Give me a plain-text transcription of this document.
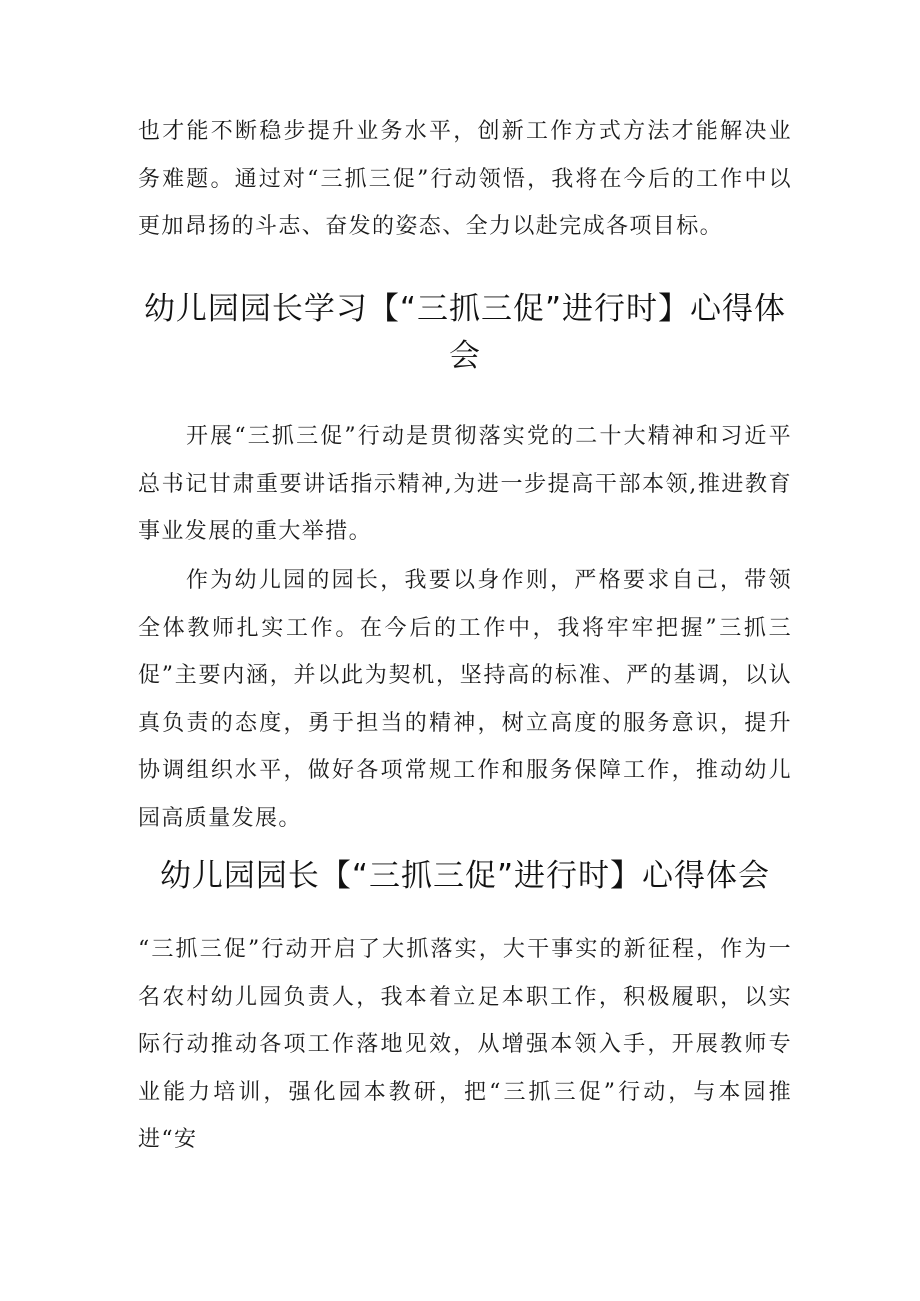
也才能不断稳步提升业务水平，创新工作方式方法才能解决业务难题。通过对“三抓三促”行动领悟，我将在今后的工作中以更加昂扬的斗志、奋发的姿态、全力以赴完成各项目标。

幼儿园园长学习【“三抓三促”进行时】心得体会

开展“三抓三促”行动是贯彻落实党的二十大精神和习近平总书记甘肃重要讲话指示精神,为进一步提高干部本领,推进教育事业发展的重大举措。

作为幼儿园的园长，我要以身作则，严格要求自己，带领全体教师扎实工作。在今后的工作中，我将牢牢把握”三抓三促”主要内涵，并以此为契机，坚持高的标准、严的基调，以认真负责的态度，勇于担当的精神，树立高度的服务意识，提升协调组织水平，做好各项常规工作和服务保障工作，推动幼儿园高质量发展。

幼儿园园长【“三抓三促”进行时】心得体会

“三抓三促”行动开启了大抓落实，大干事实的新征程，作为一名农村幼儿园负责人，我本着立足本职工作，积极履职，以实际行动推动各项工作落地见效，从增强本领入手，开展教师专业能力培训，强化园本教研，把“三抓三促”行动，与本园推进“安
